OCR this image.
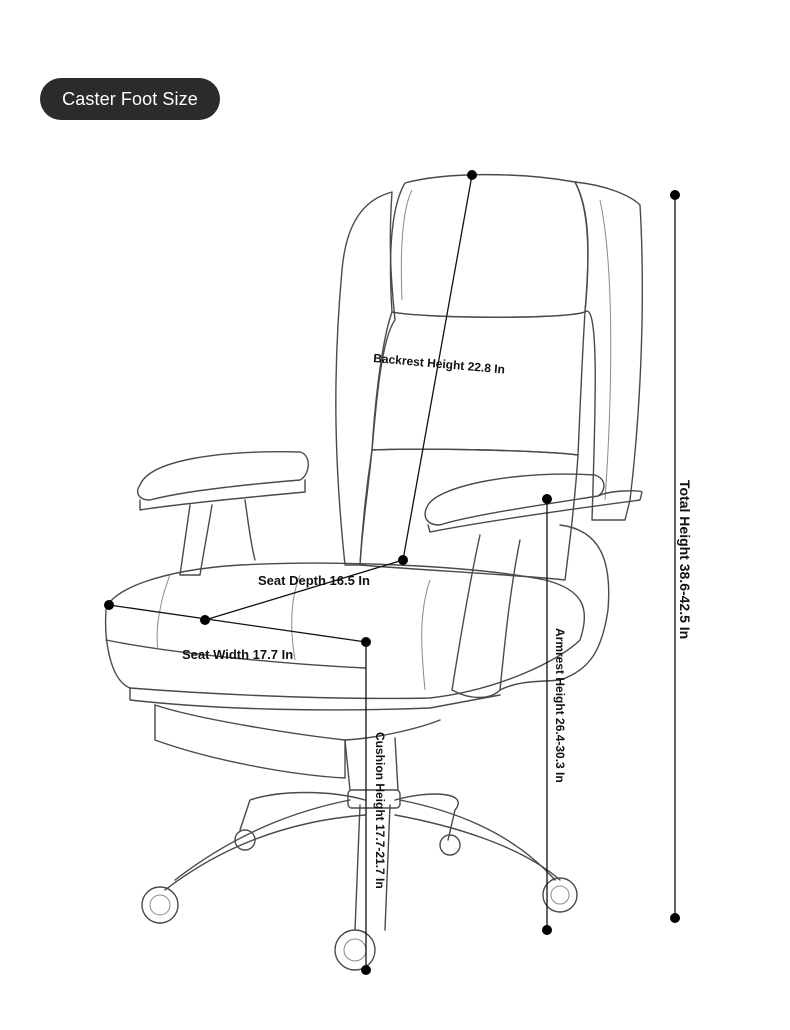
Caster Foot Size
Backrest Height 22.8 In
Total Height 38.6-42.5 In
Seat Depth 16.5 In
Seat Width 17.7 In	Armrest Height 26.4-30.3 In
Cushion Height 17.7-21.7 In
